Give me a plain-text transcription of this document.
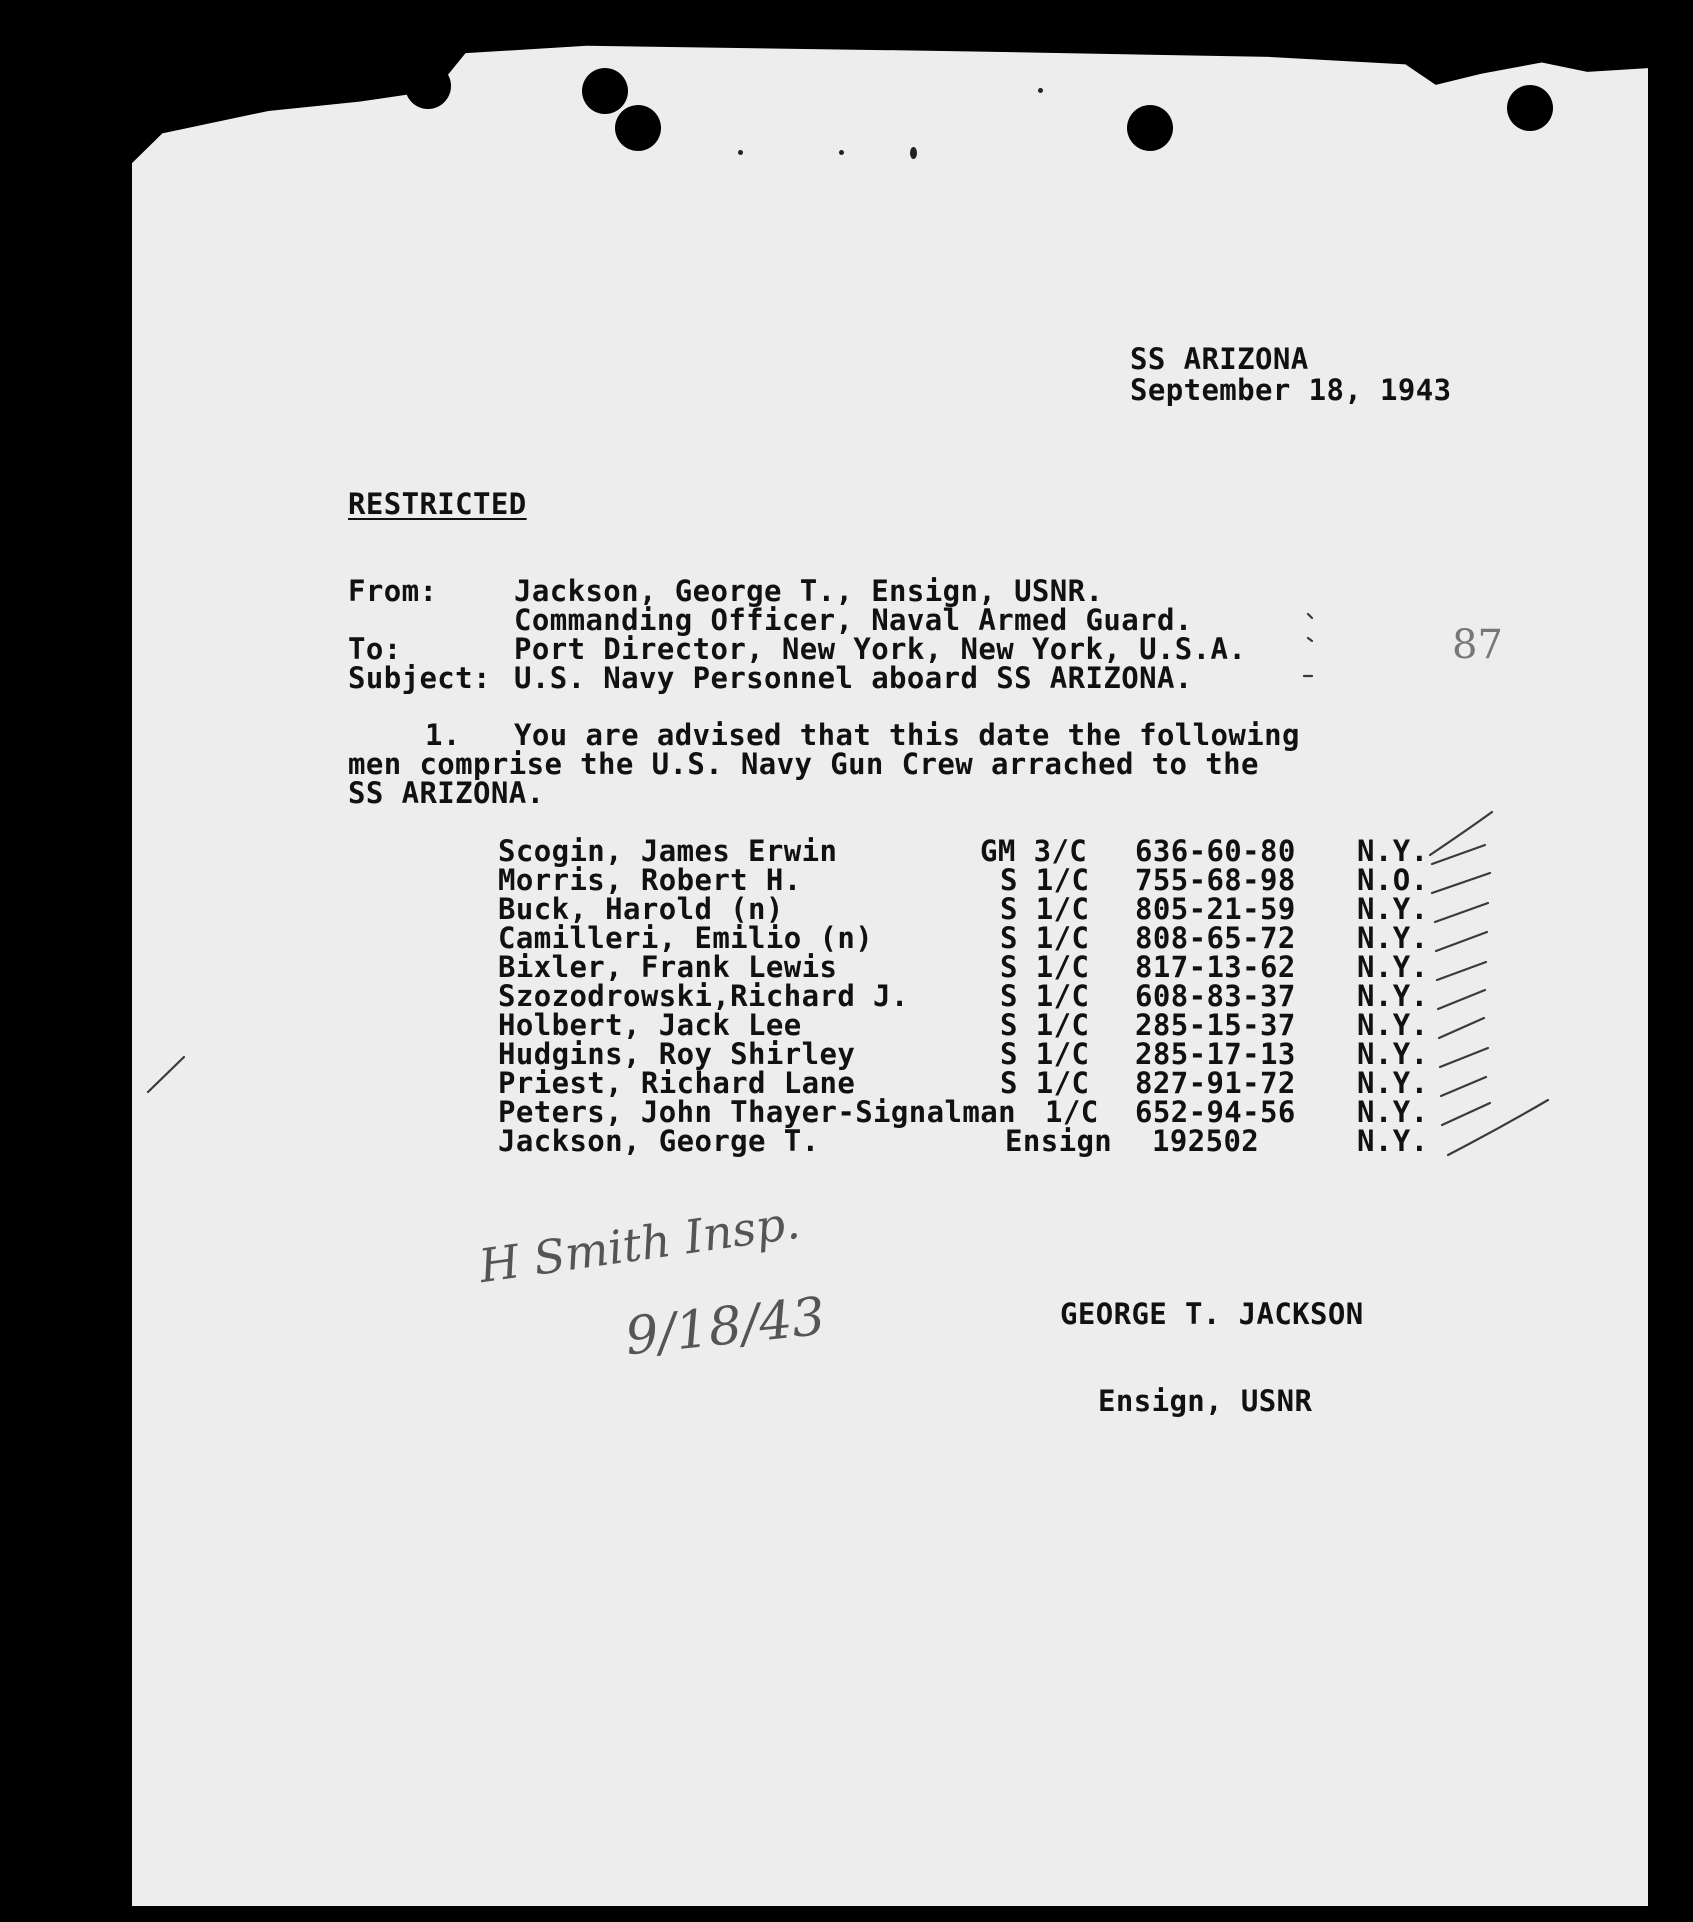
SS ARIZONA
September 18, 1943
RESTRICTED
From:	Jackson, George T., Ensign, USNR.
Commanding Officer, Naval Armed Guard.
To:	Port Director, New York, New York, U.S.A.
Subject: U.S. Navy Personnel aboard SS ARIZONA.
87
1. You are advised that this date the following
men comprise the U.S. Navy Gun Crew arrached to the
SS ARIZONA.
Scogin, James Erwin	GM 3/C 636-60-80 N.Y.
Morris, Robert H.	S 1/C 755-68-98 N.O.
Buck, Harold (n)	S 1/C 805-21-59 N.Y.
Camilleri, Emilio (n)	S 1/C 808-65-72 N.Y.
Bixler, Frank Lewis	S 1/C 817-13-62 N.Y.
Szozodrowski,Richard J.	S 1/C 608-83-37 N.Y.
Holbert, Jack Lee	S 1/C 285-15-37 N.Y.
Hudgins, Roy Shirley	S 1/C 285-17-13 N.Y.
Priest, Richard Lane	S 1/C 827-91-72 N.Y.
Peters, John Thayer-Signalman 1/C 652-94-56 N.Y.
Jackson, George T.	Ensign 192502	N.Y.
H Smith Insp.
9/18/43	GEORGE T. JACKSON
Ensign, USNR
